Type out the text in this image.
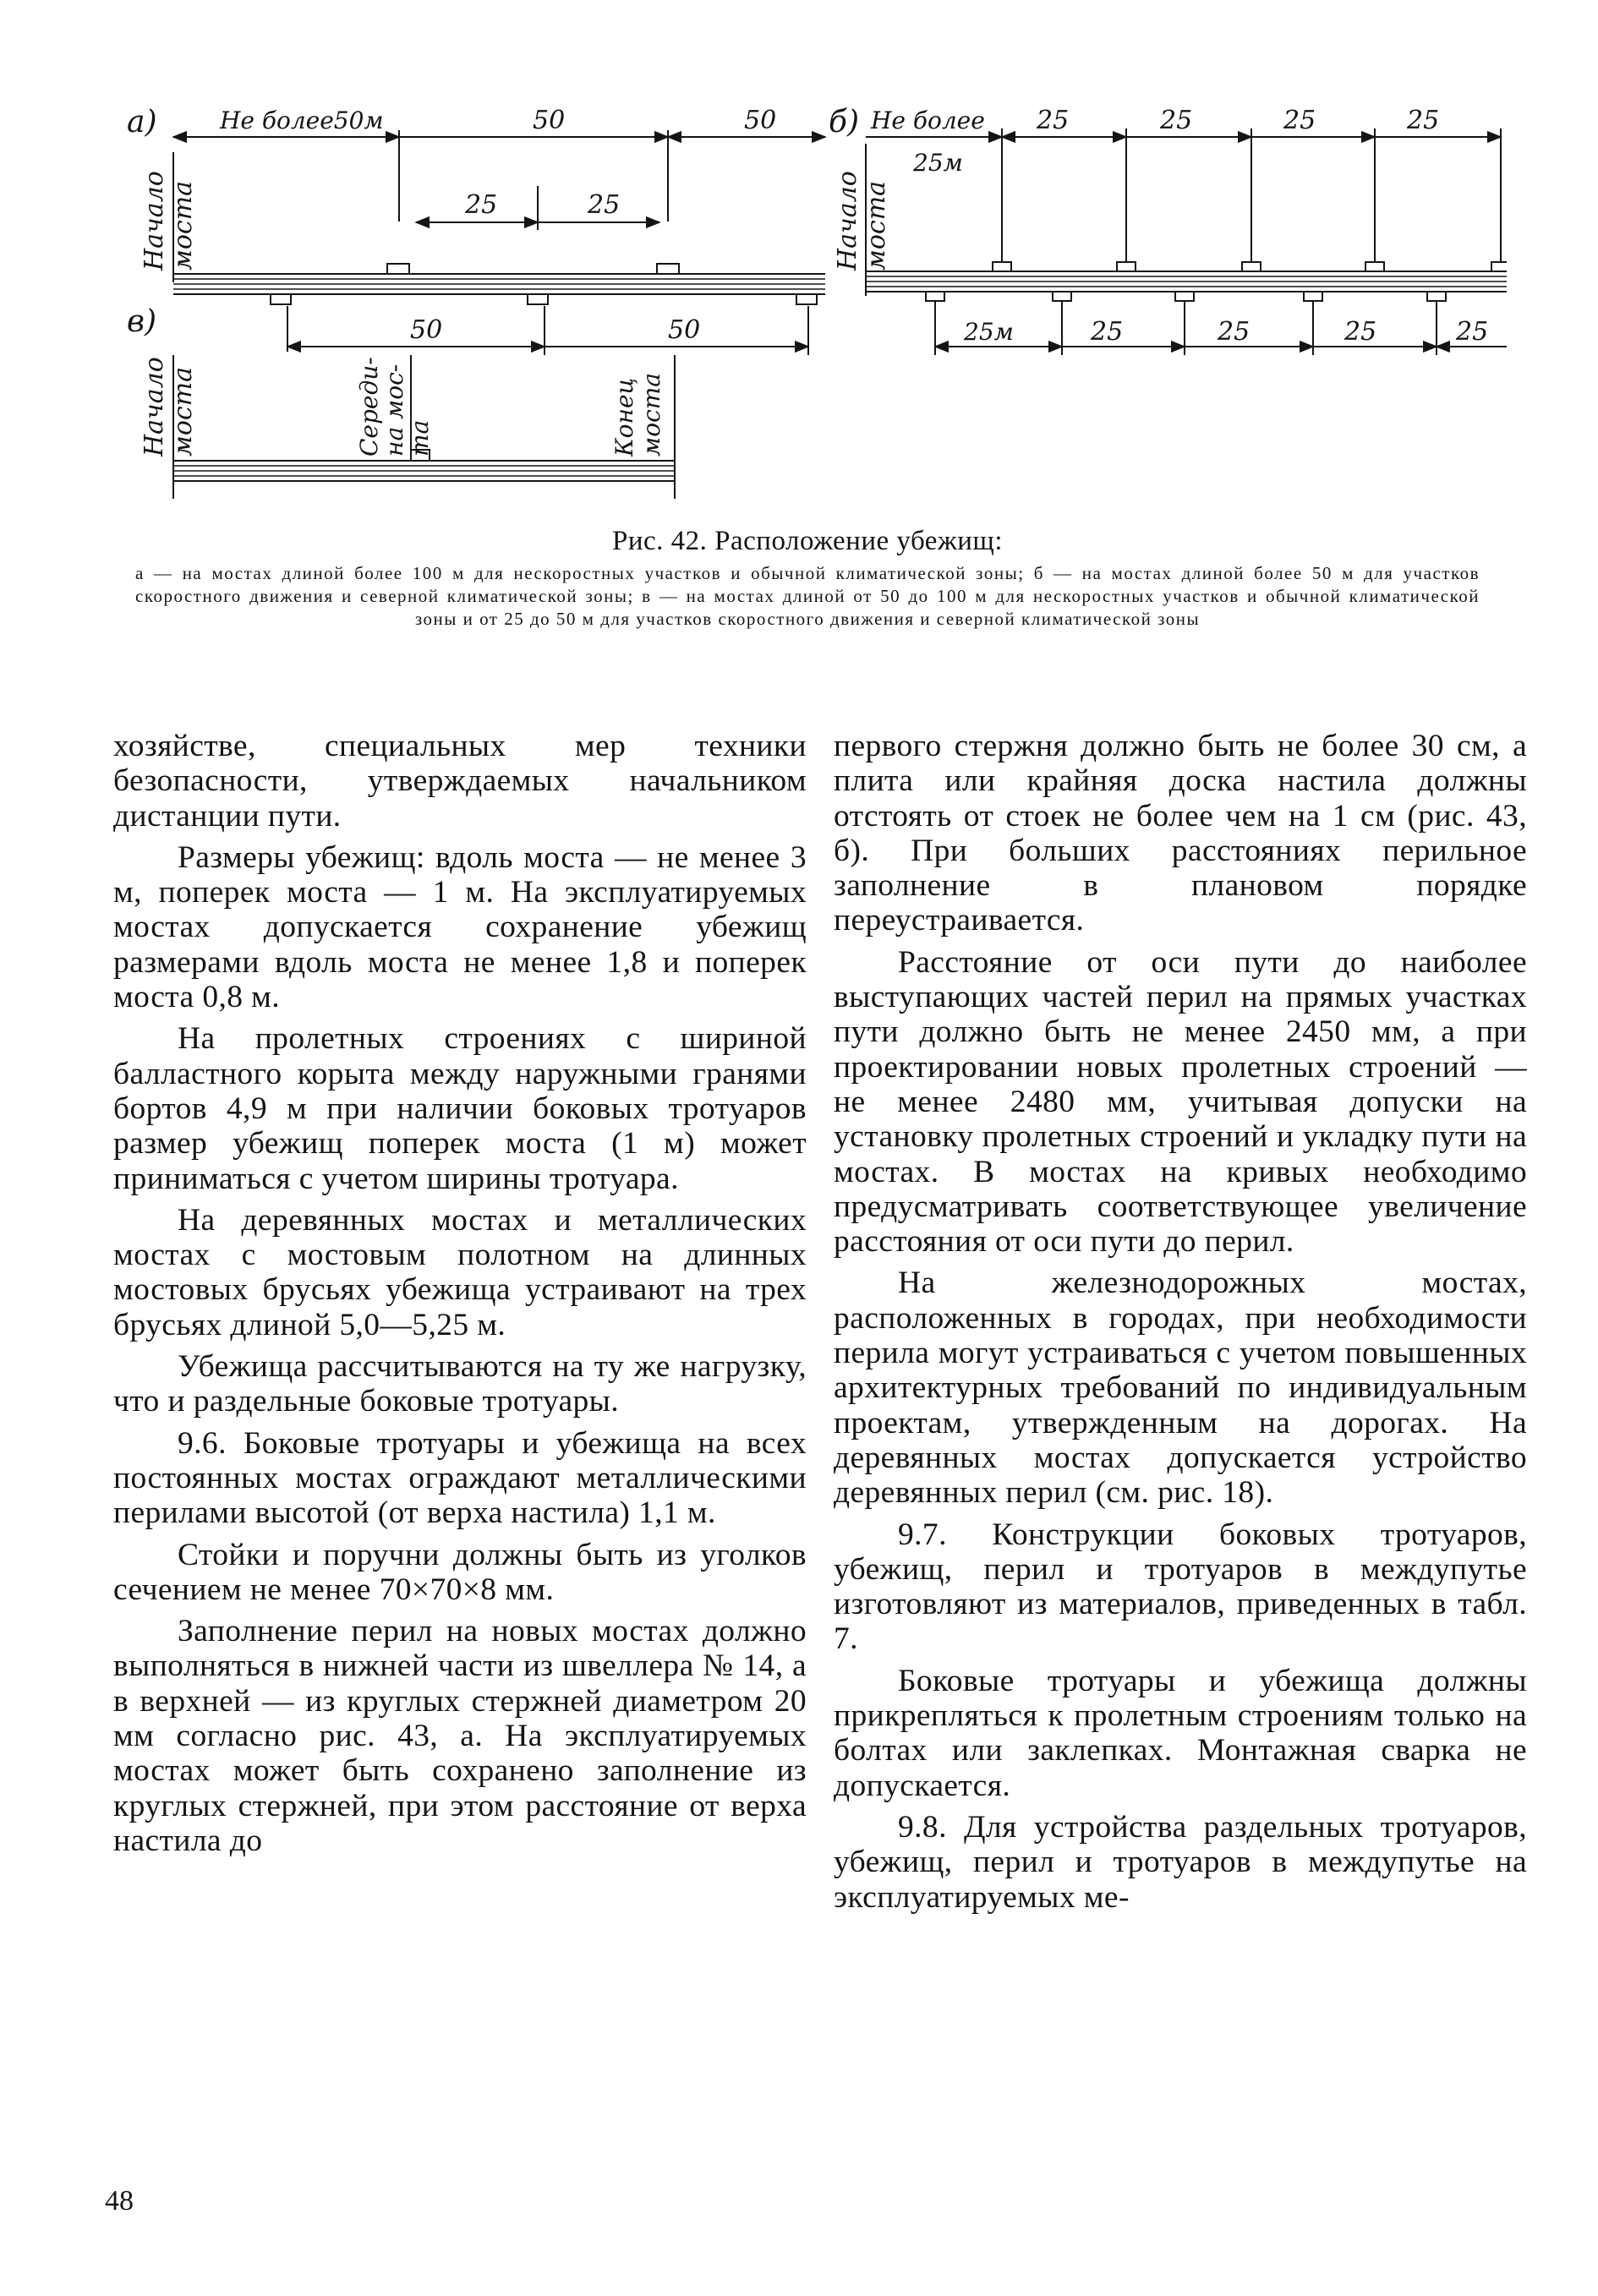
а)
Началомоста
Не более50м	50	50
25	25
в)	50	50
Началомоста	Середи-на мос-та	Конецмоста
б)
Началомоста
Не более
25м
25	25	25	25
25м	25	25	25	25
Рис. 42. Расположение убежищ:
а — на мостах длиной более 100 м для нескоростных участков и обычной климатической зоны; б — на мостах длиной более 50 м для участков скоростного движения и северной климатической зоны; в — на мостах длиной от 50 до 100 м для нескоростных участков и обычной климатической зоны и от 25 до 50 м для участков скоростного движения и северной климатической зоны

хозяйстве, специальных мер техники безопасности, утверждаемых начальником дистанции пути.

Размеры убежищ: вдоль моста — не менее 3 м, поперек моста — 1 м. На эксплуатируемых мостах допускается сохранение убежищ размерами вдоль моста не менее 1,8 и поперек моста 0,8 м.

На пролетных строениях с шириной балластного корыта между наружными гранями бортов 4,9 м при наличии боковых тротуаров размер убежищ поперек моста (1 м) может приниматься с учетом ширины тротуара.

На деревянных мостах и металлических мостах с мостовым полотном на длинных мостовых брусьях убежища устраивают на трех брусьях длиной 5,0—5,25 м.

Убежища рассчитываются на ту же нагрузку, что и раздельные боковые тротуары.

9.6. Боковые тротуары и убежища на всех постоянных мостах ограждают металлическими перилами высотой (от верха настила) 1,1 м.

Стойки и поручни должны быть из уголков сечением не менее 70×70×8 мм.

Заполнение перил на новых мостах должно выполняться в нижней части из швеллера № 14, а в верхней — из круглых стержней диаметром 20 мм согласно рис. 43, а. На эксплуатируемых мостах может быть сохранено заполнение из круглых стержней, при этом расстояние от верха настила до

первого стержня должно быть не более 30 см, а плита или крайняя доска настила должны отстоять от стоек не более чем на 1 см (рис. 43, б). При больших расстояниях перильное заполнение в плановом порядке переустраивается.

Расстояние от оси пути до наиболее выступающих частей перил на прямых участках пути должно быть не менее 2450 мм, а при проектировании новых пролетных строений — не менее 2480 мм, учитывая допуски на установку пролетных строений и укладку пути на мостах. В мостах на кривых необходимо предусматривать соответствующее увеличение расстояния от оси пути до перил.

На железнодорожных мостах, расположенных в городах, при необходимости перила могут устраиваться с учетом повышенных архитектурных требований по индивидуальным проектам, утвержденным на дорогах. На деревянных мостах допускается устройство деревянных перил (см. рис. 18).

9.7. Конструкции боковых тротуаров, убежищ, перил и тротуаров в междупутье изготовляют из материалов, приведенных в табл. 7.

Боковые тротуары и убежища должны прикрепляться к пролетным строениям только на болтах или заклепках. Монтажная сварка не допускается.

9.8. Для устройства раздельных тротуаров, убежищ, перил и тротуаров в междупутье на эксплуатируемых ме-

48
